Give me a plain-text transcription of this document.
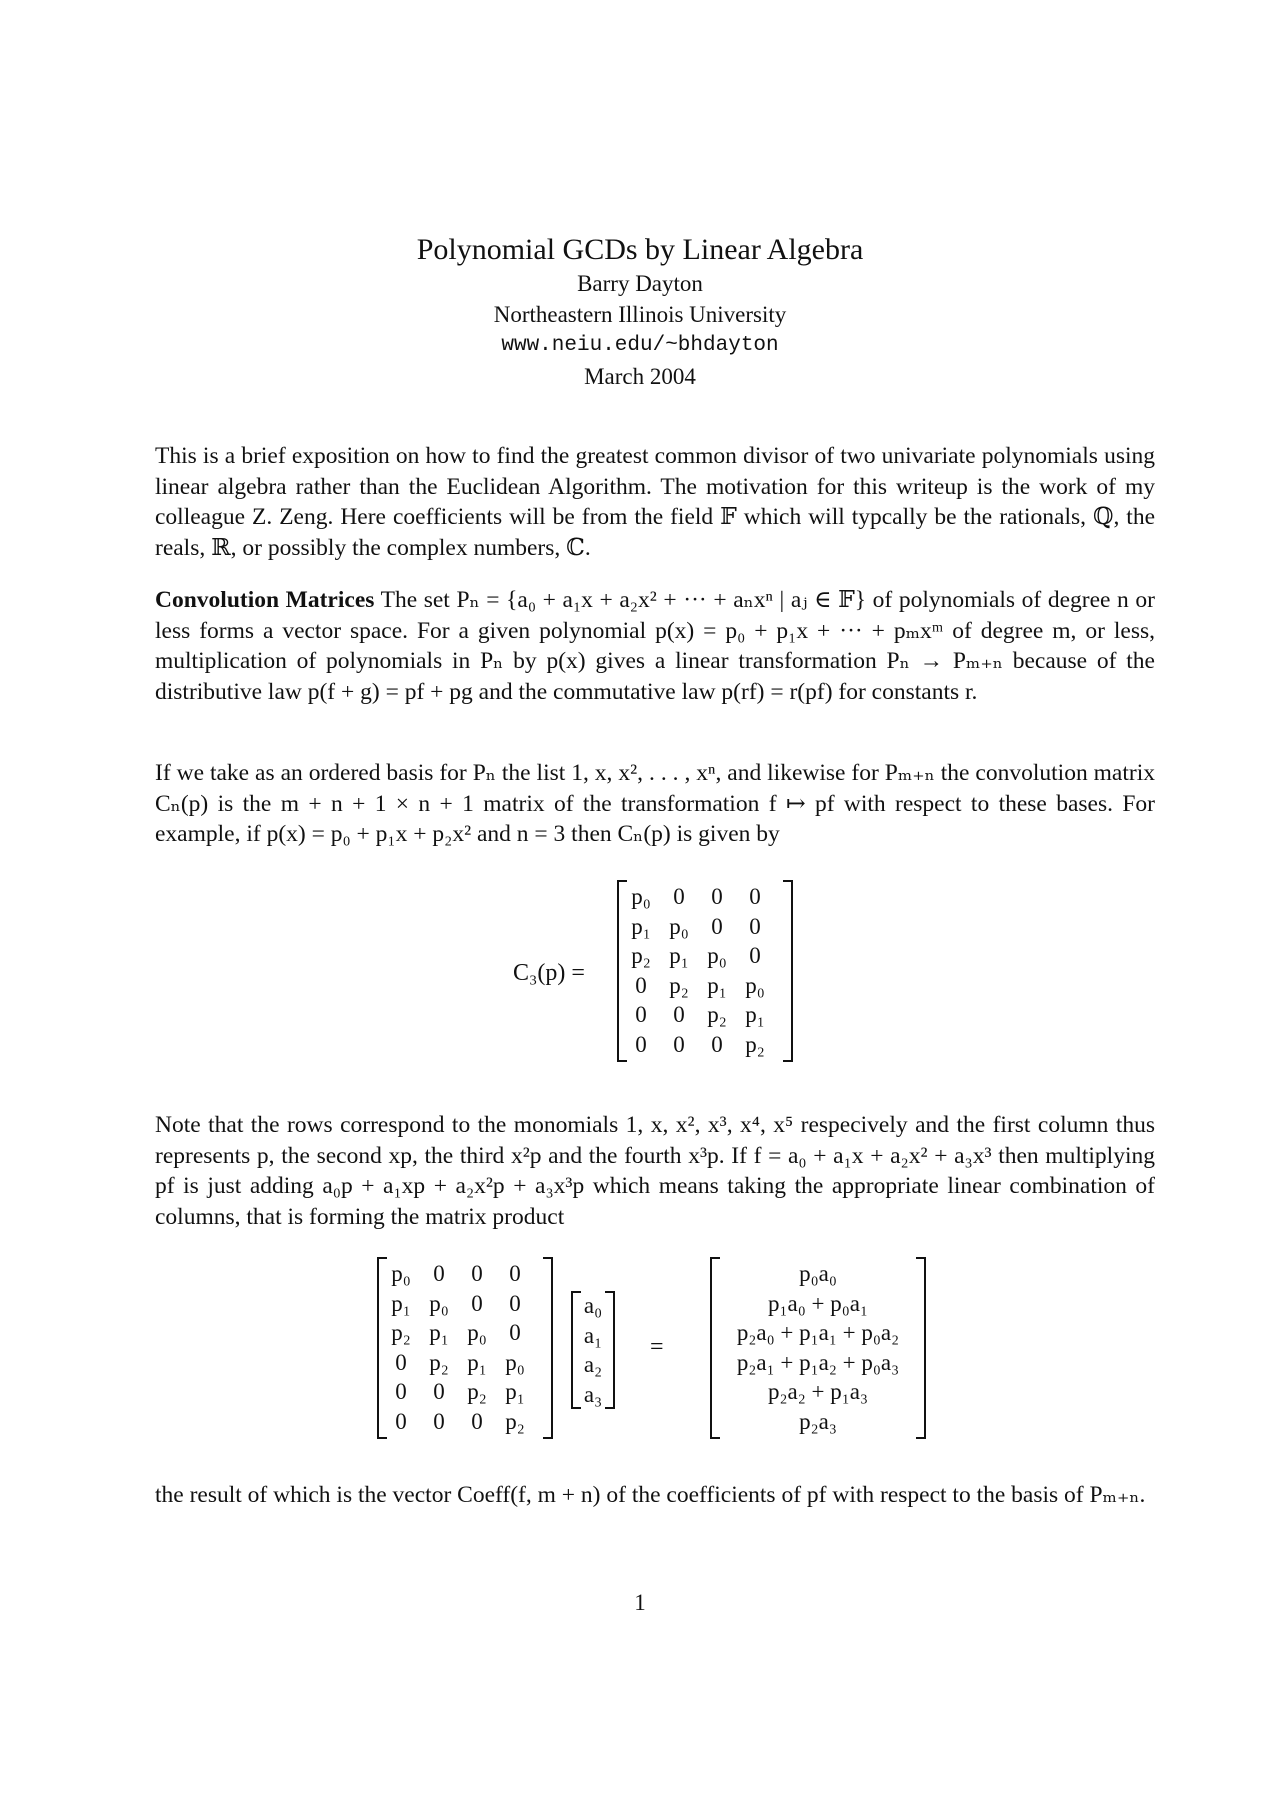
Polynomial GCDs by Linear Algebra
Barry Dayton
Northeastern Illinois University
www.neiu.edu/~bhdayton
March 2004
This is a brief exposition on how to find the greatest common divisor of two univariate polynomials using linear algebra rather than the Euclidean Algorithm. The motivation for this writeup is the work of my colleague Z. Zeng. Here coefficients will be from the field 𝔽 which will typcally be the rationals, ℚ, the reals, ℝ, or possibly the complex numbers, ℂ.
Convolution Matrices The set Pₙ = {a₀ + a₁x + a₂x² + ··· + aₙxⁿ | aⱼ ∈ 𝔽} of polynomials of degree n or less forms a vector space. For a given polynomial p(x) = p₀ + p₁x + ··· + pₘxᵐ of degree m, or less, multiplication of polynomials in Pₙ by p(x) gives a linear transformation Pₙ → Pₘ₊ₙ because of the distributive law p(f + g) = pf + pg and the commutative law p(rf) = r(pf) for constants r.
If we take as an ordered basis for Pₙ the list 1, x, x², . . . , xⁿ, and likewise for Pₘ₊ₙ the convolution matrix Cₙ(p) is the m + n + 1 × n + 1 matrix of the transformation f ↦ pf with respect to these bases. For example, if p(x) = p₀ + p₁x + p₂x² and n = 3 then Cₙ(p) is given by
C₃(p) =
p₀ 0	0	0
p₁ p₀ 0	0
p₂ p₁ p₀ 0
0 p₂ p₁ p₀
0	0 p₂ p₁
0	0	0 p₂
Note that the rows correspond to the monomials 1, x, x², x³, x⁴, x⁵ respecively and the first column thus represents p, the second xp, the third x²p and the fourth x³p. If f = a₀ + a₁x + a₂x² + a₃x³ then multiplying pf is just adding a₀p + a₁xp + a₂x²p + a₃x³p which means taking the appropriate linear combination of columns, that is forming the matrix product
p₀ 0	0	0
p₁ p₀ 0	0
p₂ p₁ p₀ 0
0 p₂ p₁ p₀
0	0 p₂ p₁
0	0	0 p₂
a₀
a₁
a₂
a₃
=
p₀a₀
p₁a₀ + p₀a₁
p₂a₀ + p₁a₁ + p₀a₂
p₂a₁ + p₁a₂ + p₀a₃
p₂a₂ + p₁a₃
p₂a₃
the result of which is the vector Coeff(f, m + n) of the coefficients of pf with respect to the basis of Pₘ₊ₙ.
1
